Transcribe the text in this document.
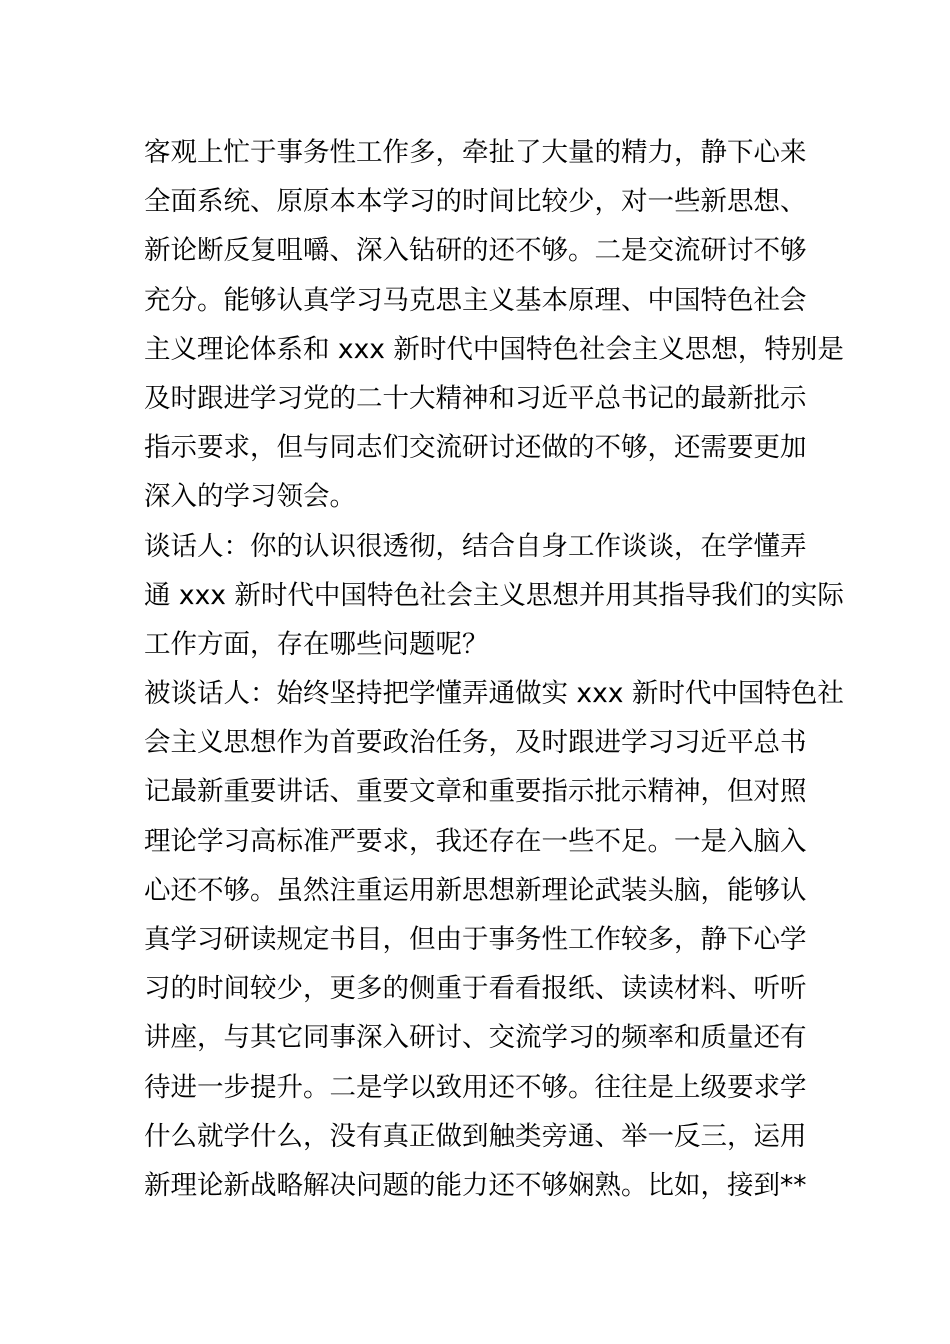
客观上忙于事务性工作多，牵扯了大量的精力，静下心来
全面系统、原原本本学习的时间比较少，对一些新思想、
新论断反复咀嚼、深入钻研的还不够。二是交流研讨不够
充分。能够认真学习马克思主义基本原理、中国特色社会
主义理论体系和 xxx 新时代中国特色社会主义思想，特别是
及时跟进学习党的二十大精神和习近平总书记的最新批示
指示要求，但与同志们交流研讨还做的不够，还需要更加
深入的学习领会。
谈话人：你的认识很透彻，结合自身工作谈谈，在学懂弄
通 xxx 新时代中国特色社会主义思想并用其指导我们的实际
工作方面，存在哪些问题呢？
被谈话人：始终坚持把学懂弄通做实 xxx 新时代中国特色社
会主义思想作为首要政治任务，及时跟进学习习近平总书
记最新重要讲话、重要文章和重要指示批示精神，但对照
理论学习高标准严要求，我还存在一些不足。一是入脑入
心还不够。虽然注重运用新思想新理论武装头脑，能够认
真学习研读规定书目，但由于事务性工作较多，静下心学
习的时间较少，更多的侧重于看看报纸、读读材料、听听
讲座，与其它同事深入研讨、交流学习的频率和质量还有
待进一步提升。二是学以致用还不够。往往是上级要求学
什么就学什么，没有真正做到触类旁通、举一反三，运用
新理论新战略解决问题的能力还不够娴熟。比如，接到**
